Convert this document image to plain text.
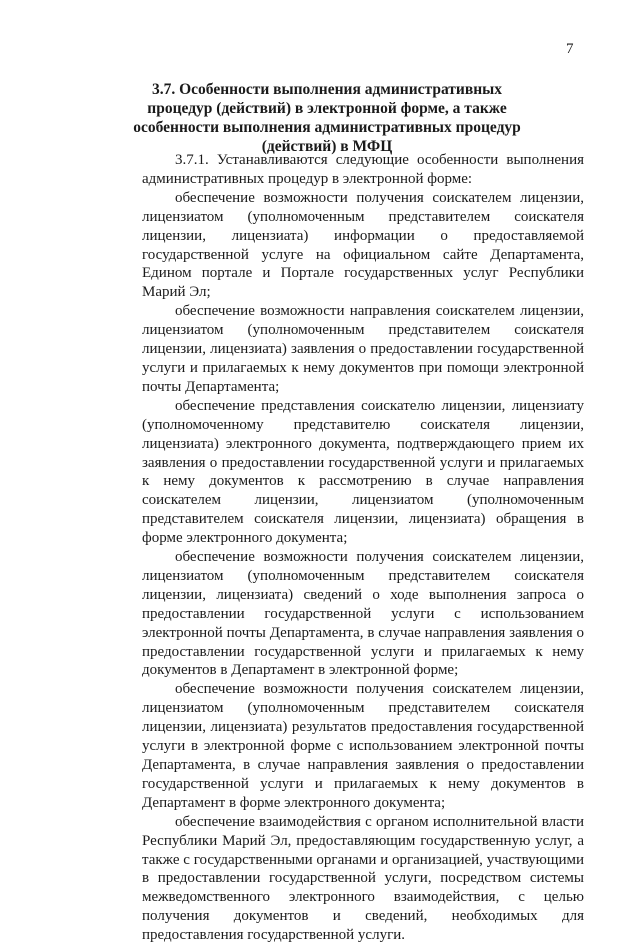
7
3.7. Особенности выполнения административных процедур (действий) в электронной форме, а также особенности выполнения административных процедур (действий) в МФЦ

3.7.1. Устанавливаются следующие особенности выполнения административных процедур в электронной форме:

обеспечение возможности получения соискателем лицензии, лицензиатом (уполномоченным представителем соискателя лицензии, лицензиата) информации о предоставляемой государственной услуге на официальном сайте Департамента, Едином портале и Портале государственных услуг Республики Марий Эл;

обеспечение возможности направления соискателем лицензии, лицензиатом (уполномоченным представителем соискателя лицензии, лицензиата) заявления о предоставлении государственной услуги и прилагаемых к нему документов при помощи электронной почты Департамента;

обеспечение представления соискателю лицензии, лицензиату (уполномоченному представителю соискателя лицензии, лицензиата) электронного документа, подтверждающего прием их заявления о предоставлении государственной услуги и прилагаемых к нему документов к рассмотрению в случае направления соискателем лицензии, лицензиатом (уполномоченным представителем соискателя лицензии, лицензиата) обращения в форме электронного документа;

обеспечение возможности получения соискателем лицензии, лицензиатом (уполномоченным представителем соискателя лицензии, лицензиата) сведений о ходе выполнения запроса о предоставлении государственной услуги с использованием электронной почты Департамента, в случае направления заявления о предоставлении государственной услуги и прилагаемых к нему документов в Департамент в электронной форме;

обеспечение возможности получения соискателем лицензии, лицензиатом (уполномоченным представителем соискателя лицензии, лицензиата) результатов предоставления государственной услуги в электронной форме с использованием электронной почты Департамента, в случае направления заявления о предоставлении государственной услуги и прилагаемых к нему документов в Департамент в форме электронного документа;

обеспечение взаимодействия с органом исполнительной власти Республики Марий Эл, предоставляющим государственную услуг, а также с государственными органами и организацией, участвующими в предоставлении государственной услуги, посредством системы межведомственного электронного взаимодействия, с целью получения документов и сведений, необходимых для предоставления государственной услуги.
